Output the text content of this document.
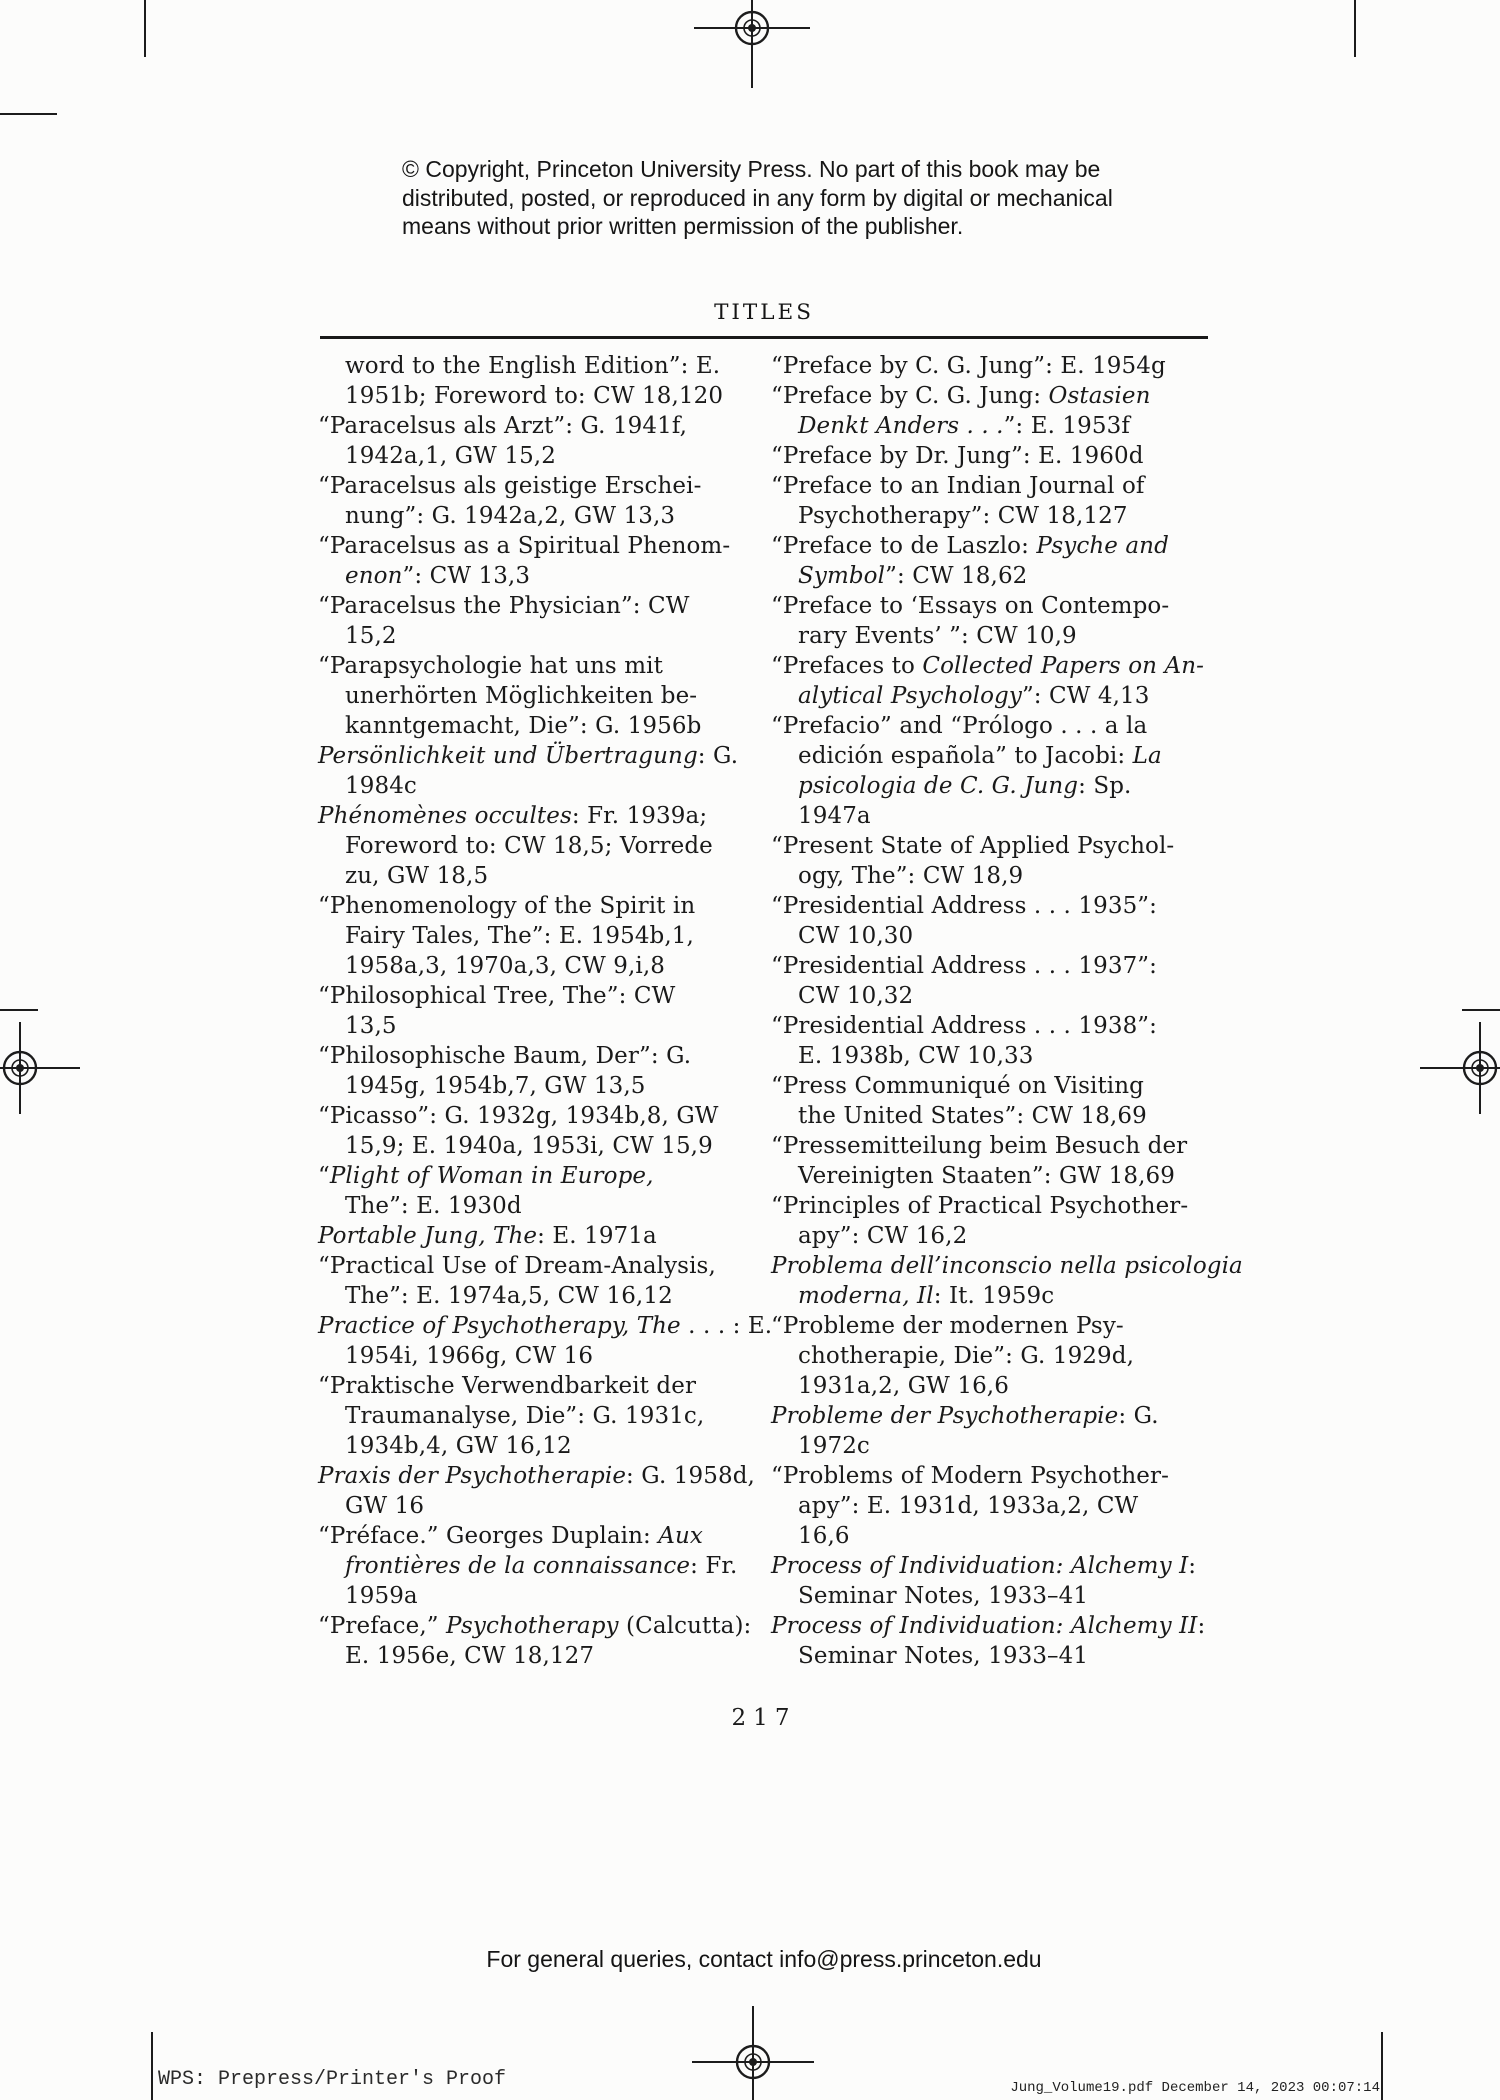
© Copyright, Princeton University Press. No part of this book may be
distributed, posted, or reproduced in any form by digital or mechanical
means without prior written permission of the publisher.
TITLES
word to the English Edition”: E.
1951b; Foreword to: CW 18,120
“Paracelsus als Arzt”: G. 1941f,
1942a,1, GW 15,2
“Paracelsus als geistige Erschei-
nung”: G. 1942a,2, GW 13,3
“Paracelsus as a Spiritual Phenom-
enon”: CW 13,3
“Paracelsus the Physician”: CW
15,2
“Parapsychologie hat uns mit
unerhörten Möglichkeiten be-
kanntgemacht, Die”: G. 1956b
Persönlichkeit und Übertragung: G.
1984c
Phénomènes occultes: Fr. 1939a;
Foreword to: CW 18,5; Vorrede
zu, GW 18,5
“Phenomenology of the Spirit in
Fairy Tales, The”: E. 1954b,1,
1958a,3, 1970a,3, CW 9,i,8
“Philosophical Tree, The”: CW
13,5
“Philosophische Baum, Der”: G.
1945g, 1954b,7, GW 13,5
“Picasso”: G. 1932g, 1934b,8, GW
15,9; E. 1940a, 1953i, CW 15,9
“Plight of Woman in Europe,
The”: E. 1930d
Portable Jung, The: E. 1971a
“Practical Use of Dream-Analysis,
The”: E. 1974a,5, CW 16,12
Practice of Psychotherapy, The . . . : E.
1954i, 1966g, CW 16
“Praktische Verwendbarkeit der
Traumanalyse, Die”: G. 1931c,
1934b,4, GW 16,12
Praxis der Psychotherapie: G. 1958d,
GW 16
“Préface.” Georges Duplain: Aux
frontières de la connaissance: Fr.
1959a
“Preface,” Psychotherapy (Calcutta):
E. 1956e, CW 18,127
“Preface by C. G. Jung”: E. 1954g
“Preface by C. G. Jung: Ostasien
Denkt Anders . . .”: E. 1953f
“Preface by Dr. Jung”: E. 1960d
“Preface to an Indian Journal of
Psychotherapy”: CW 18,127
“Preface to de Laszlo: Psyche and
Symbol”: CW 18,62
“Preface to ‘Essays on Contempo-
rary Events’ ”: CW 10,9
“Prefaces to Collected Papers on An-
alytical Psychology”: CW 4,13
“Prefacio” and “Prólogo . . . a la
edición española” to Jacobi: La
psicologia de C. G. Jung: Sp.
1947a
“Present State of Applied Psychol-
ogy, The”: CW 18,9
“Presidential Address . . . 1935”:
CW 10,30
“Presidential Address . . . 1937”:
CW 10,32
“Presidential Address . . . 1938”:
E. 1938b, CW 10,33
“Press Communiqué on Visiting
the United States”: CW 18,69
“Pressemitteilung beim Besuch der
Vereinigten Staaten”: GW 18,69
“Principles of Practical Psychother-
apy”: CW 16,2
Problema dell’inconscio nella psicologia
moderna, Il: It. 1959c
“Probleme der modernen Psy-
chotherapie, Die”: G. 1929d,
1931a,2, GW 16,6
Probleme der Psychotherapie: G.
1972c
“Problems of Modern Psychother-
apy”: E. 1931d, 1933a,2, CW
16,6
Process of Individuation: Alchemy I:
Seminar Notes, 1933–41
Process of Individuation: Alchemy II:
Seminar Notes, 1933–41
217
For general queries, contact info@press.princeton.edu
WPS: Prepress/Printer's Proof	Jung_Volume19.pdf December 14, 2023 00:07:14
